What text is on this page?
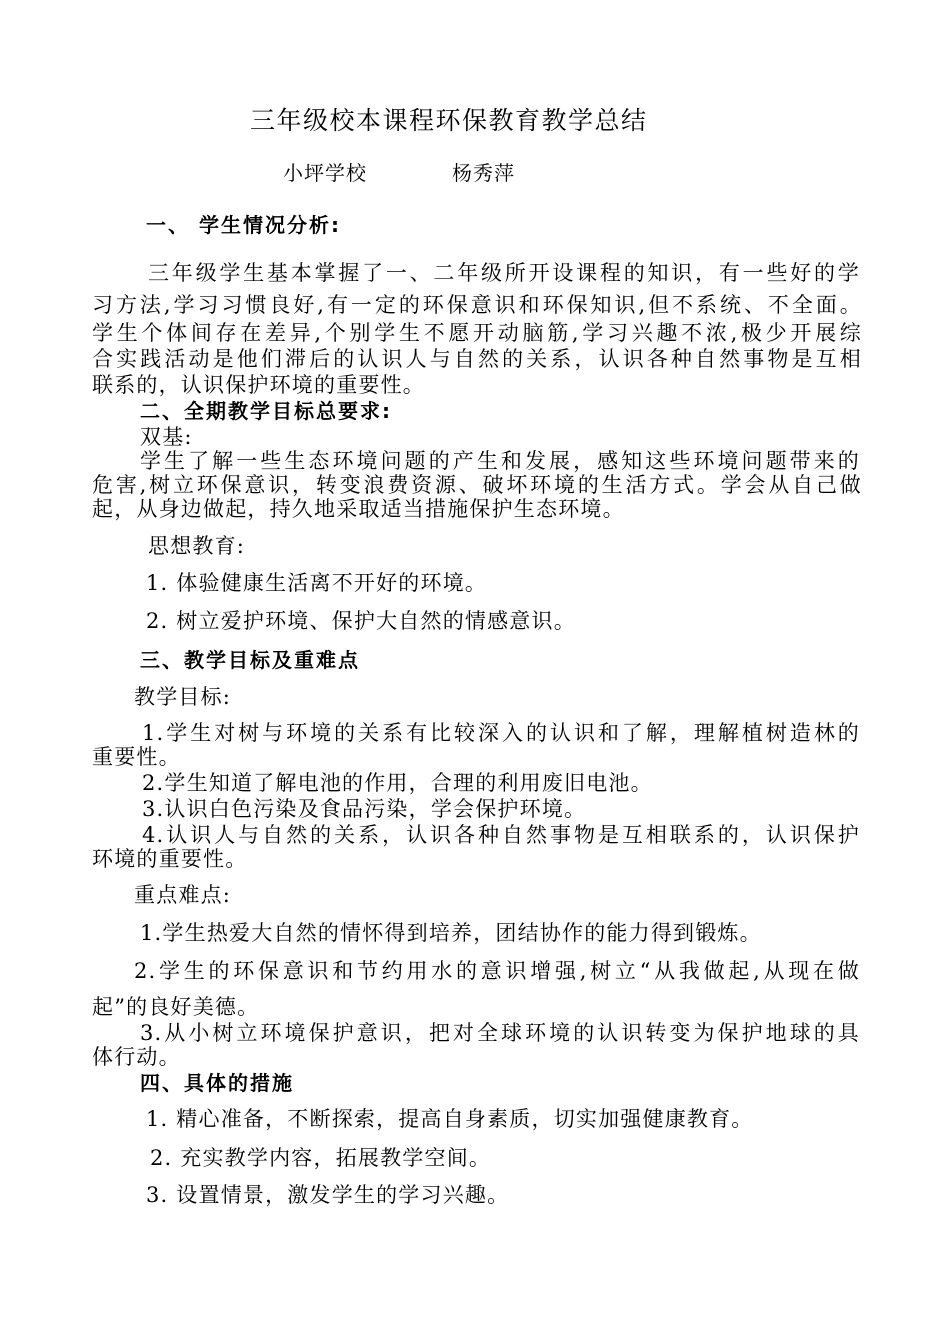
三年级校本课程环保教育教学总结
小坪学校	杨秀萍
一、 学生情况分析:
三年级学生基本掌握了一、二年级所开设课程的知识，有一些好的学
习方法,学习习惯良好,有一定的环保意识和环保知识,但不系统、不全面。
学生个体间存在差异,个别学生不愿开动脑筋,学习兴趣不浓,极少开展综
合实践活动是他们滞后的认识人与自然的关系，认识各种自然事物是互相
联系的，认识保护环境的重要性。
二、全期教学目标总要求:
双基:
学生了解一些生态环境问题的产生和发展，感知这些环境问题带来的
危害,树立环保意识，转变浪费资源、破坏环境的生活方式。学会从自己做
起，从身边做起，持久地采取适当措施保护生态环境。
思想教育:
1. 体验健康生活离不开好的环境。
2. 树立爱护环境、保护大自然的情感意识。
三、教学目标及重难点
教学目标:
1.学生对树与环境的关系有比较深入的认识和了解，理解植树造林的
重要性。
2.学生知道了解电池的作用，合理的利用废旧电池。
3.认识白色污染及食品污染，学会保护环境。
4.认识人与自然的关系，认识各种自然事物是互相联系的，认识保护
环境的重要性。
重点难点:
1.学生热爱大自然的情怀得到培养，团结协作的能力得到锻炼。
2.学生的环保意识和节约用水的意识增强,树立“从我做起,从现在做
起”的良好美德。
3.从小树立环境保护意识，把对全球环境的认识转变为保护地球的具
体行动。
四、具体的措施
1. 精心准备，不断探索，提高自身素质，切实加强健康教育。
2. 充实教学内容，拓展教学空间。
3. 设置情景，激发学生的学习兴趣。
